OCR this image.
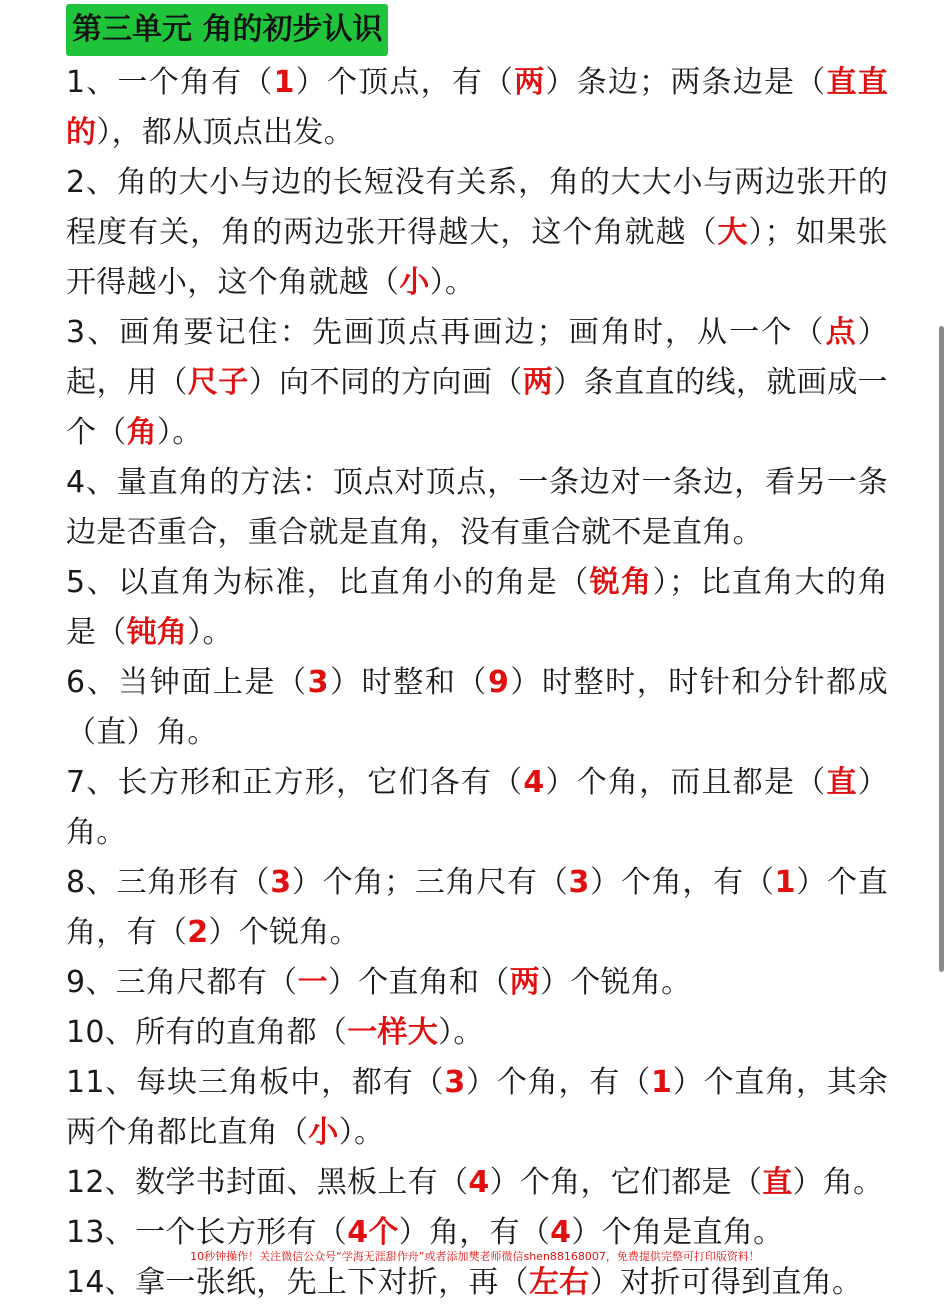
第三单元 角的初步认识

1、一个角有（1）个顶点，有（两）条边；两条边是（直直的），都从顶点出发。

2、角的大小与边的长短没有关系，角的大大小与两边张开的程度有关，角的两边张开得越大，这个角就越（大）；如果张开得越小，这个角就越（小）。

3、画角要记住：先画顶点再画边；画角时，从一个（点）起，用（尺子）向不同的方向画（两）条直直的线，就画成一个（角）。

4、量直角的方法：顶点对顶点，一条边对一条边，看另一条边是否重合，重合就是直角，没有重合就不是直角。

5、以直角为标准，比直角小的角是（锐角）；比直角大的角是（钝角）。

6、当钟面上是（3）时整和（9）时整时，时针和分针都成（直）角。

7、长方形和正方形，它们各有（4）个角，而且都是（直）角。

8、三角形有（3）个角；三角尺有（3）个角，有（1）个直角，有（2）个锐角。

9、三角尺都有（一）个直角和（两）个锐角。

10、所有的直角都（一样大）。

11、每块三角板中，都有（3）个角，有（1）个直角，其余两个角都比直角（小）。

12、数学书封面、黑板上有（4）个角，它们都是（直）角。

13、一个长方形有（4个）角，有（4）个角是直角。

14、拿一张纸，先上下对折，再（左右）对折可得到直角。

10秒钟操作！关注微信公众号“学海无涯甜作舟”或者添加樊老师微信shen88168007，免费提供完整可打印版资料！
